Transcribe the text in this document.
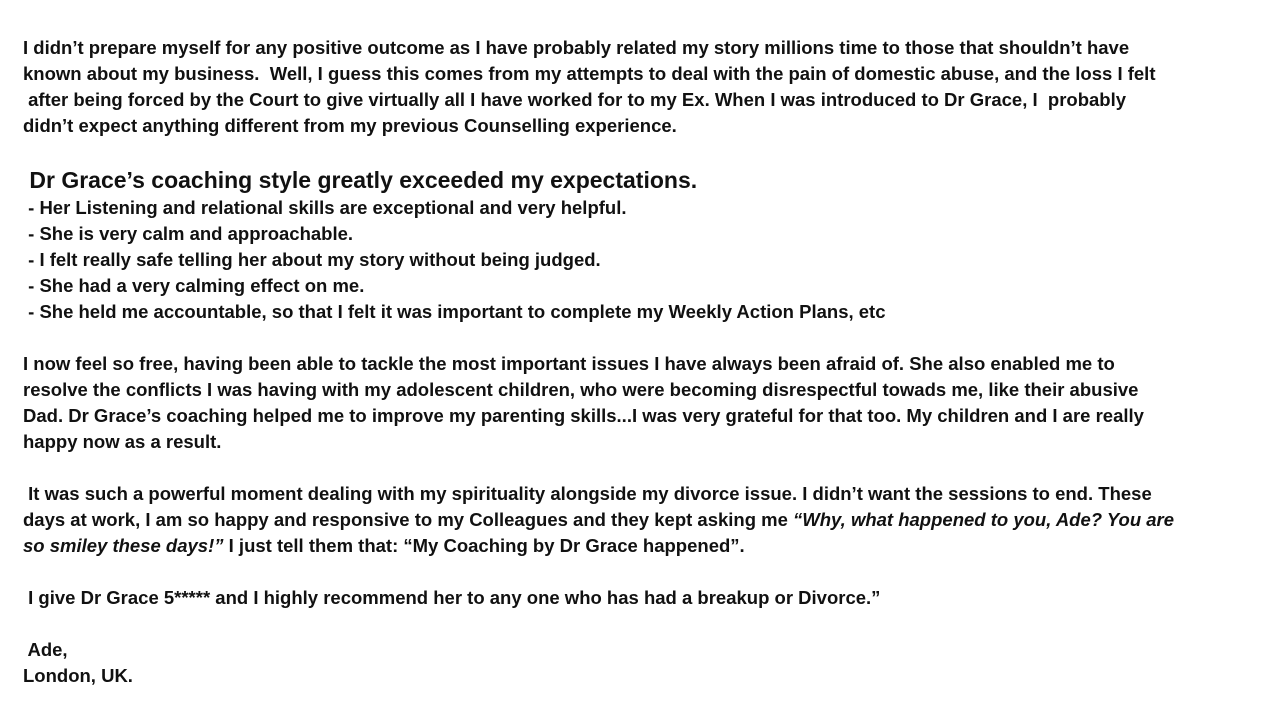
I didn’t prepare myself for any positive outcome as I have probably related my story millions time to those that shouldn’t have
known about my business.  Well, I guess this comes from my attempts to deal with the pain of domestic abuse, and the loss I felt
after being forced by the Court to give virtually all I have worked for to my Ex. When I was introduced to Dr Grace, I  probably
didn’t expect anything different from my previous Counselling experience.
Dr Grace’s coaching style greatly exceeded my expectations.
- Her Listening and relational skills are exceptional and very helpful.
- She is very calm and approachable.
- I felt really safe telling her about my story without being judged.
- She had a very calming effect on me.
- She held me accountable, so that I felt it was important to complete my Weekly Action Plans, etc
I now feel so free, having been able to tackle the most important issues I have always been afraid of. She also enabled me to
resolve the conflicts I was having with my adolescent children, who were becoming disrespectful towads me, like their abusive
Dad. Dr Grace’s coaching helped me to improve my parenting skills...I was very grateful for that too. My children and I are really
happy now as a result.
It was such a powerful moment dealing with my spirituality alongside my divorce issue. I didn’t want the sessions to end. These
days at work, I am so happy and responsive to my Colleagues and they kept asking me “Why, what happened to you, Ade? You are
so smiley these days!” I just tell them that: “My Coaching by Dr Grace happened”.
I give Dr Grace 5***** and I highly recommend her to any one who has had a breakup or Divorce.”
Ade,
London, UK.
